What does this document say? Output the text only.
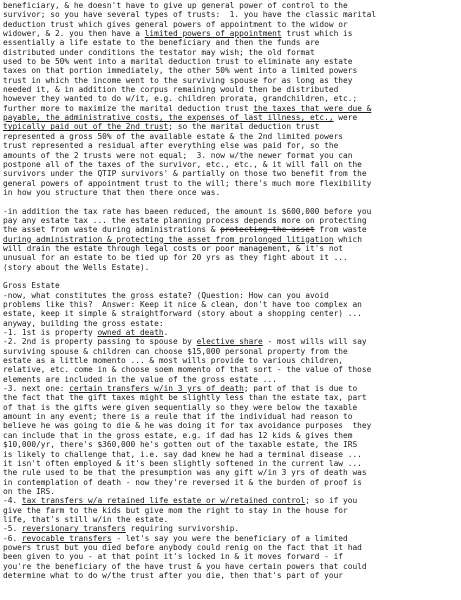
beneficiary, & he doesn't have to give up general power of control to the
survivor; so you have several types of trusts:  1. you have the classic marital
deduction trust which gives general powers of appointment to the widow or
widower, & 2. you then have a limited powers of appointment trust which is
essentially a life estate to the beneficiary and then the funds are
distributed under conditions the testator may wish; the old format
used to be 50% went into a marital deduction trust to eliminate any estate
taxes on that portion immediately, the other 50% went into a limited powers
trust in which the income went to the surviving spouse for as long as they
needed it, & in addition the corpus remaining would then be distributed
however they wanted to do w/it, e.g. children prorata, grandchildren, etc.;
further more to maximize the marital deduction trust the taxes that were due &
payable, the administrative costs, the expenses of last illness, etc., were
typically paid out of the 2nd trust; so the marital deduction trust
represented a gross 50% of the available estate & the 2nd limited powers
trust represented a residual after everything else was paid for, so the
amounts of the 2 trusts were not equal;  3. now w/the newer format you can
postpone all of the taxes of the survivor, etc., etc., & it will fall on the
survivors under the QTIP survivors' & partially on those two benefit from the
general powers of appointment trust to the will; there's much more flexibility
in how you structure that then there once was.
-in addition the tax rate has baeen reduced, the amount is $600,000 before you
pay any estate tax ... the estate planning process depends more on protecting
the asset from waste during administrations & protecting the asset from waste
during administration & protecting the asset from prolonged litigation which
will drain the estate through legal costs or poor management, & it's not
unusual for an estate to be tied up for 20 yrs as they fight about it ...
(story about the Wells Estate).
Gross Estate
-now, what constitutes the gross estate? (Question: How can you avoid
problems like this?  Answer: Keep it nice & clean, don't have too complex an
estate, keep it simple & straightforward (story about a shopping center) ...
anyway, building the gross estate:
-1. 1st is property owned at death.
-2. 2nd is property passing to spouse by elective share - most wills will say
surviving spouse & children can choose $15,000 personal property from the
estate as a little momento ... & most wills provide to various children,
relative, etc. come in & choose soem momento of that sort - the value of those
elements are included in the value of the gross estate ...
-3. next one: certain transfers w/in 3 yrs of death; part of that is due to
the fact that the gift taxes might be slightly less than the estate tax, part
of that is the gifts were given sequentially so they were below the taxable
amount in any event; there is a reule that if the individual had reason to
believe he was going to die & he was doing it for tax avoidance purposes  they
can include that in the gross estate, e.g. if dad has 12 kids & gives them
$10,000/yr, there's $360,000 he's gotten out of the taxable estate, the IRS
is likely to challenge that, i.e. say dad knew he had a terminal disease ...
it isn't often employed & it's been slightly softened in the current law ...
the rule used to be that the presumption was any gift w/in 3 yrs of death was
in contemplation of death - now they're reversed it & the burden of proof is
on the IRS.
-4. tax transfers w/a retained life estate or w/retained control; so if you
give the farm to the kids but give mom the right to stay in the house for
life, that's still w/in the estate.
-5. reversionary transfers requiring survivorship.
-6. revocable transfers - let's say you were the beneficiary of a limited
powers trust but you died before anybody could renig on the fact that it had
been given to you - at that point it's locked in & it moves forward - if
you're the beneficiary of the have trust & you have certain powers that could
determine what to do w/the trust after you die, then that's part of your
